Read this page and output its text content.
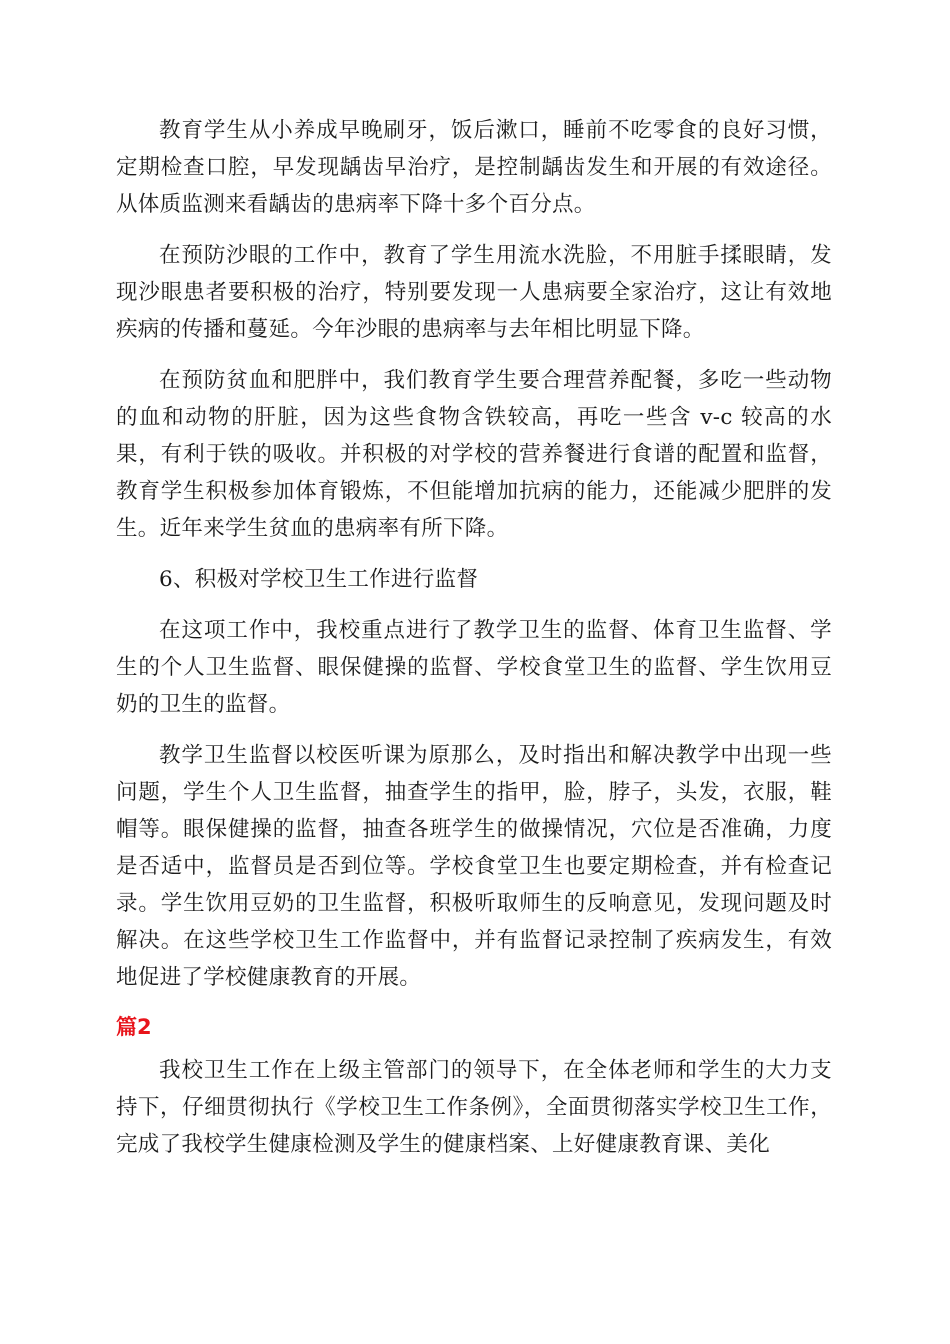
教育学生从小养成早晚刷牙，饭后漱口，睡前不吃零食的良好习惯，定期检查口腔，早发现龋齿早治疗，是控制龋齿发生和开展的有效途径。从体质监测来看龋齿的患病率下降十多个百分点。

在预防沙眼的工作中，教育了学生用流水洗脸，不用脏手揉眼睛，发现沙眼患者要积极的治疗，特别要发现一人患病要全家治疗，这让有效地疾病的传播和蔓延。今年沙眼的患病率与去年相比明显下降。

在预防贫血和肥胖中，我们教育学生要合理营养配餐，多吃一些动物的血和动物的肝脏，因为这些食物含铁较高，再吃一些含 v-c 较高的水果，有利于铁的吸收。并积极的对学校的营养餐进行食谱的配置和监督，教育学生积极参加体育锻炼，不但能增加抗病的能力，还能减少肥胖的发生。近年来学生贫血的患病率有所下降。

6、积极对学校卫生工作进行监督

在这项工作中，我校重点进行了教学卫生的监督、体育卫生监督、学生的个人卫生监督、眼保健操的监督、学校食堂卫生的监督、学生饮用豆奶的卫生的监督。

教学卫生监督以校医听课为原那么，及时指出和解决教学中出现一些问题，学生个人卫生监督，抽查学生的指甲，脸，脖子，头发，衣服，鞋帽等。眼保健操的监督，抽查各班学生的做操情况，穴位是否准确，力度是否适中，监督员是否到位等。学校食堂卫生也要定期检查，并有检查记录。学生饮用豆奶的卫生监督，积极听取师生的反响意见，发现问题及时解决。在这些学校卫生工作监督中，并有监督记录控制了疾病发生，有效地促进了学校健康教育的开展。

篇2

我校卫生工作在上级主管部门的领导下，在全体老师和学生的大力支持下，仔细贯彻执行《学校卫生工作条例》，全面贯彻落实学校卫生工作，完成了我校学生健康检测及学生的健康档案、上好健康教育课、美化
